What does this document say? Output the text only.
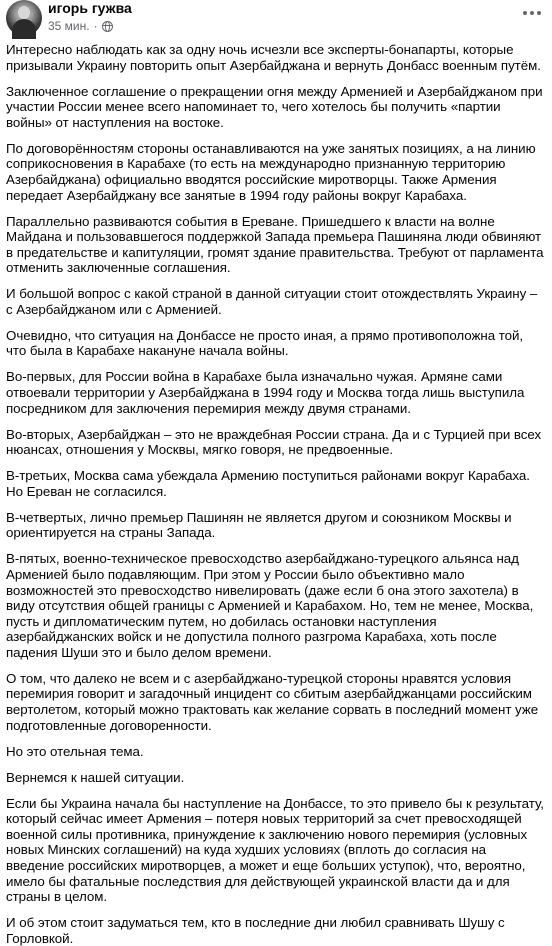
игорь гужва
35 мин. ·

Интересно наблюдать как за одну ночь исчезли все эксперты-бонапарты, которые призывали Украину повторить опыт Азербайджана и вернуть Донбасс военным путём.

Заключенное соглашение о прекращении огня между Арменией и Азербайджаном при участии России менее всего напоминает то, чего хотелось бы получить «партии войны» от наступления на востоке.

По договорённостям стороны останавливаются на уже занятых позициях, а на линию соприкосновения в Карабахе (то есть на международно признанную территорию Азербайджана) официально вводятся российские миротворцы. Также Армения передает Азербайджану все занятые в 1994 году районы вокруг Карабаха.

Параллельно развиваются события в Ереване. Пришедшего к власти на волне Майдана и пользовавшегося поддержкой Запада премьера Пашиняна люди обвиняют в предательстве и капитуляции, громят здание правительства. Требуют от парламента отменить заключенные соглашения.

И большой вопрос с какой страной в данной ситуации стоит отождествлять Украину – с Азербайджаном или с Арменией.

Очевидно, что ситуация на Донбассе не просто иная, а прямо противоположна той, что была в Карабахе накануне начала войны.

Во-первых, для России война в Карабахе была изначально чужая. Армяне сами отвоевали территории у Азербайджана в 1994 году и Москва тогда лишь выступила посредником для заключения перемирия между двумя странами.

Во-вторых, Азербайджан – это не враждебная России страна. Да и с Турцией при всех нюансах, отношения у Москвы, мягко говоря, не предвоенные.

В-третьих, Москва сама убеждала Армению поступиться районами вокруг Карабаха. Но Ереван не согласился.

В-четвертых, лично премьер Пашинян не является другом и союзником Москвы и ориентируется на страны Запада.

В-пятых, военно-техническое превосходство азербайджано-турецкого альянса над Арменией было подавляющим. При этом у России было объективно мало возможностей это превосходство нивелировать (даже если б она этого захотела) в виду отсутствия общей границы с Арменией и Карабахом. Но, тем не менее, Москва, пусть и дипломатическим путем, но добилась остановки наступления азербайджанских войск и не допустила полного разгрома Карабаха, хоть после падения Шуши это и было делом времени.

О том, что далеко не всем и с азербайджано-турецкой стороны нравятся условия перемирия говорит и загадочный инцидент со сбитым азербайджанцами российским вертолетом, который можно трактовать как желание сорвать в последний момент уже подготовленные договоренности.

Но это отельная тема.

Вернемся к нашей ситуации.

Если бы Украина начала бы наступление на Донбассе, то это привело бы к результату, который сейчас имеет Армения – потеря новых территорий за счет превосходящей военной силы противника, принуждение к заключению нового перемирия (условных новых Минских соглашений) на куда худших условиях (вплоть до согласия на введение российских миротворцев, а может и еще больших уступок), что, вероятно, имело бы фатальные последствия для действующей украинской власти да и для страны в целом.

И об этом стоит задуматься тем, кто в последние дни любил сравнивать Шушу с Горловкой.
